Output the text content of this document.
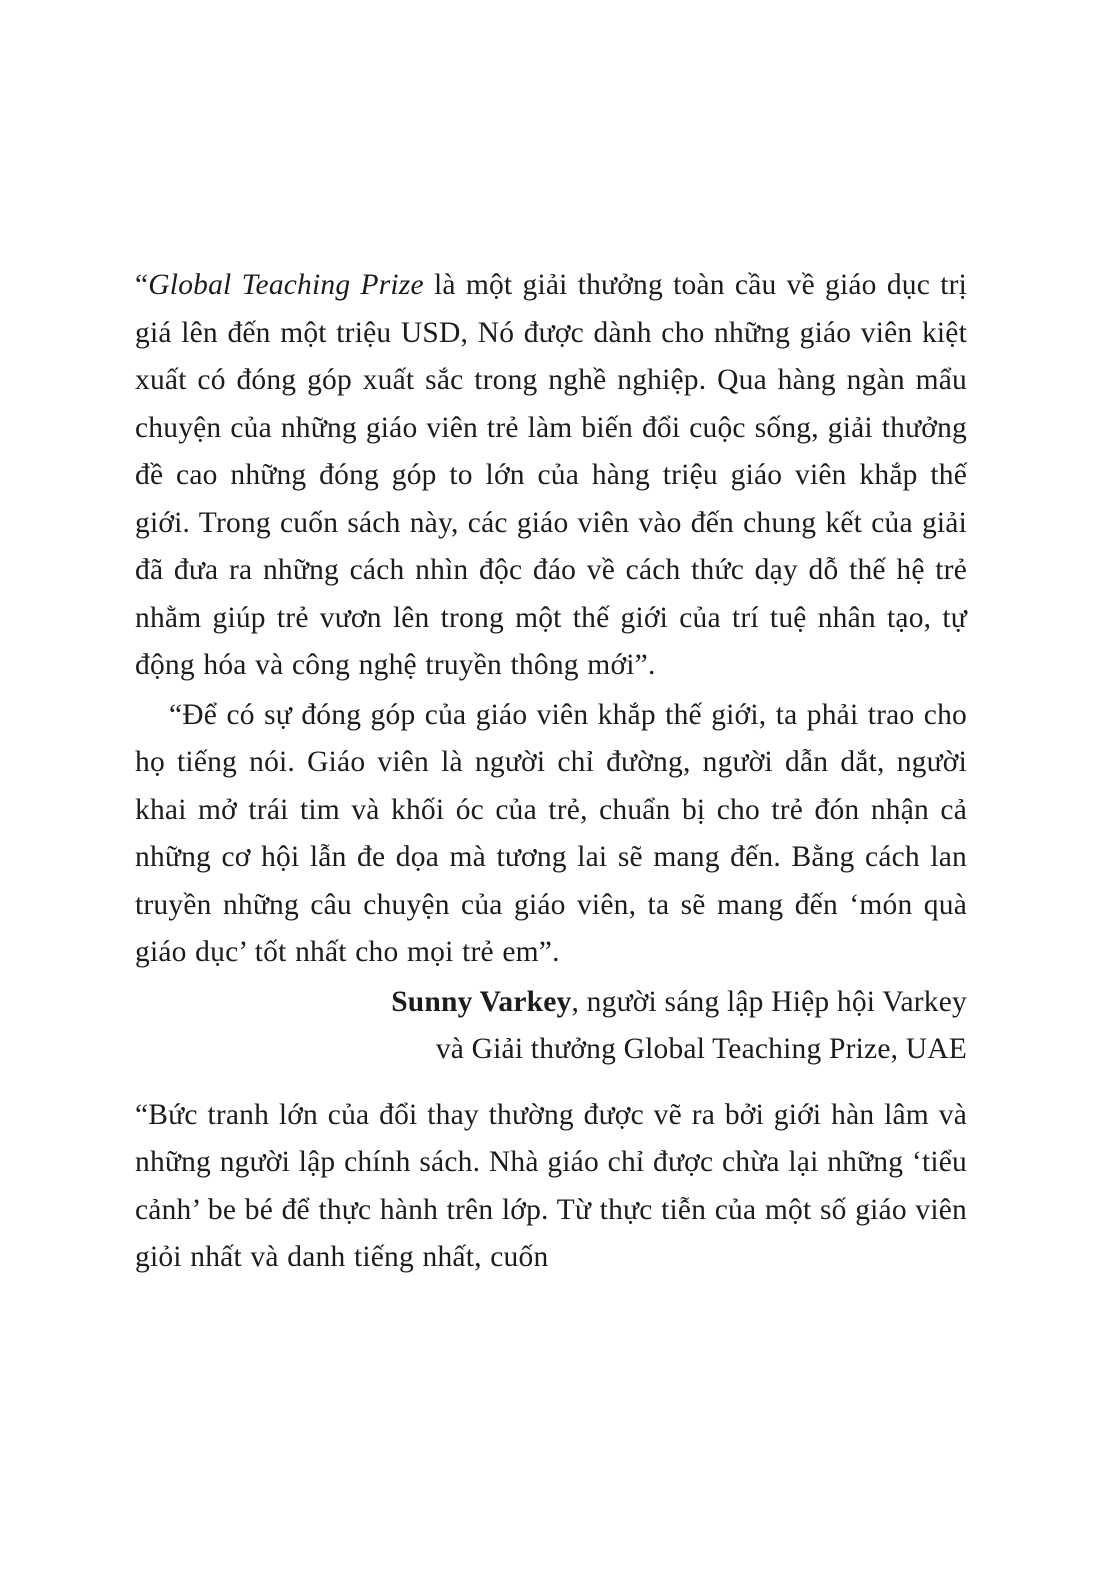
“Global Teaching Prize là một giải thưởng toàn cầu về giáo dục trị giá lên đến một triệu USD, Nó được dành cho những giáo viên kiệt xuất có đóng góp xuất sắc trong nghề nghiệp. Qua hàng ngàn mẩu chuyện của những giáo viên trẻ làm biến đổi cuộc sống, giải thưởng đề cao những đóng góp to lớn của hàng triệu giáo viên khắp thế giới. Trong cuốn sách này, các giáo viên vào đến chung kết của giải đã đưa ra những cách nhìn độc đáo về cách thức dạy dỗ thế hệ trẻ nhằm giúp trẻ vươn lên trong một thế giới của trí tuệ nhân tạo, tự động hóa và công nghệ truyền thông mới”.

“Để có sự đóng góp của giáo viên khắp thế giới, ta phải trao cho họ tiếng nói. Giáo viên là người chỉ đường, người dẫn dắt, người khai mở trái tim và khối óc của trẻ, chuẩn bị cho trẻ đón nhận cả những cơ hội lẫn đe dọa mà tương lai sẽ mang đến. Bằng cách lan truyền những câu chuyện của giáo viên, ta sẽ mang đến ‘món quà giáo dục’ tốt nhất cho mọi trẻ em”.

Sunny Varkey, người sáng lập Hiệp hội Varkey

và Giải thưởng Global Teaching Prize, UAE

“Bức tranh lớn của đổi thay thường được vẽ ra bởi giới hàn lâm và những người lập chính sách. Nhà giáo chỉ được chừa lại những ‘tiểu cảnh’ be bé để thực hành trên lớp. Từ thực tiễn của một số giáo viên giỏi nhất và danh tiếng nhất, cuốn
